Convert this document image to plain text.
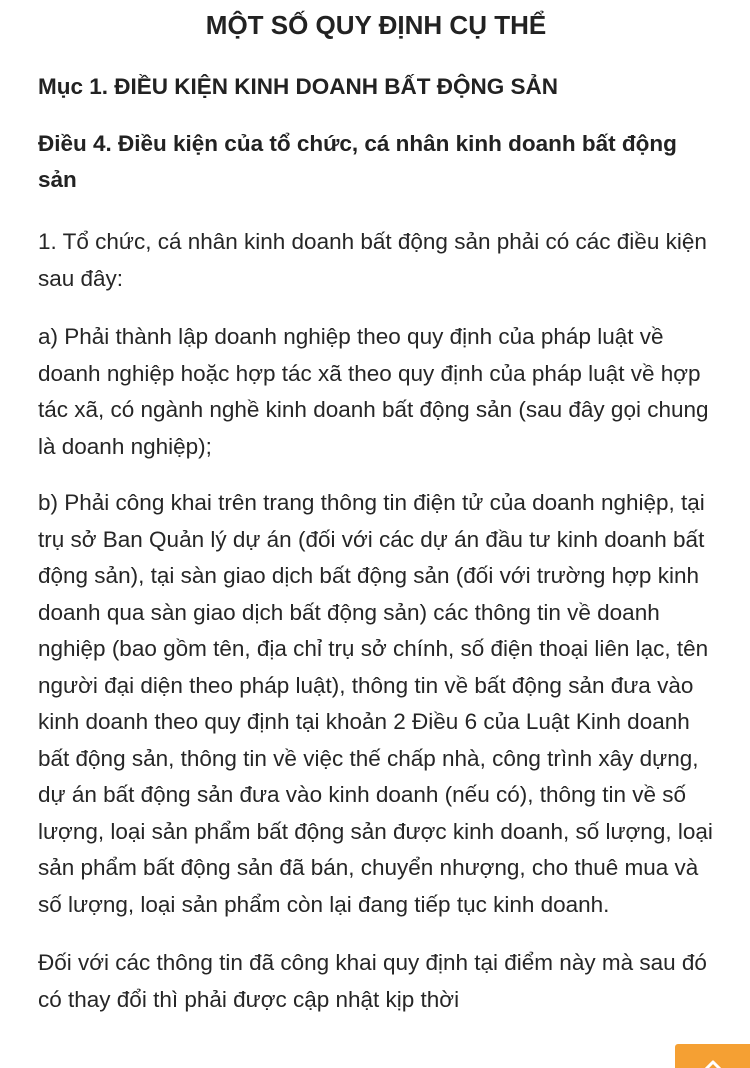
MỘT SỐ QUY ĐỊNH CỤ THỂ
Mục 1. ĐIỀU KIỆN KINH DOANH BẤT ĐỘNG SẢN
Điều 4. Điều kiện của tổ chức, cá nhân kinh doanh bất động sản

1. Tổ chức, cá nhân kinh doanh bất động sản phải có các điều kiện sau đây:

a) Phải thành lập doanh nghiệp theo quy định của pháp luật về doanh nghiệp hoặc hợp tác xã theo quy định của pháp luật về hợp tác xã, có ngành nghề kinh doanh bất động sản (sau đây gọi chung là doanh nghiệp);

b) Phải công khai trên trang thông tin điện tử của doanh nghiệp, tại trụ sở Ban Quản lý dự án (đối với các dự án đầu tư kinh doanh bất động sản), tại sàn giao dịch bất động sản (đối với trường hợp kinh doanh qua sàn giao dịch bất động sản) các thông tin về doanh nghiệp (bao gồm tên, địa chỉ trụ sở chính, số điện thoại liên lạc, tên người đại diện theo pháp luật), thông tin về bất động sản đưa vào kinh doanh theo quy định tại khoản 2 Điều 6 của Luật Kinh doanh bất động sản, thông tin về việc thế chấp nhà, công trình xây dựng, dự án bất động sản đưa vào kinh doanh (nếu có), thông tin về số lượng, loại sản phẩm bất động sản được kinh doanh, số lượng, loại sản phẩm bất động sản đã bán, chuyển nhượng, cho thuê mua và số lượng, loại sản phẩm còn lại đang tiếp tục kinh doanh.

Đối với các thông tin đã công khai quy định tại điểm này mà sau đó có thay đổi thì phải được cập nhật kịp thời
